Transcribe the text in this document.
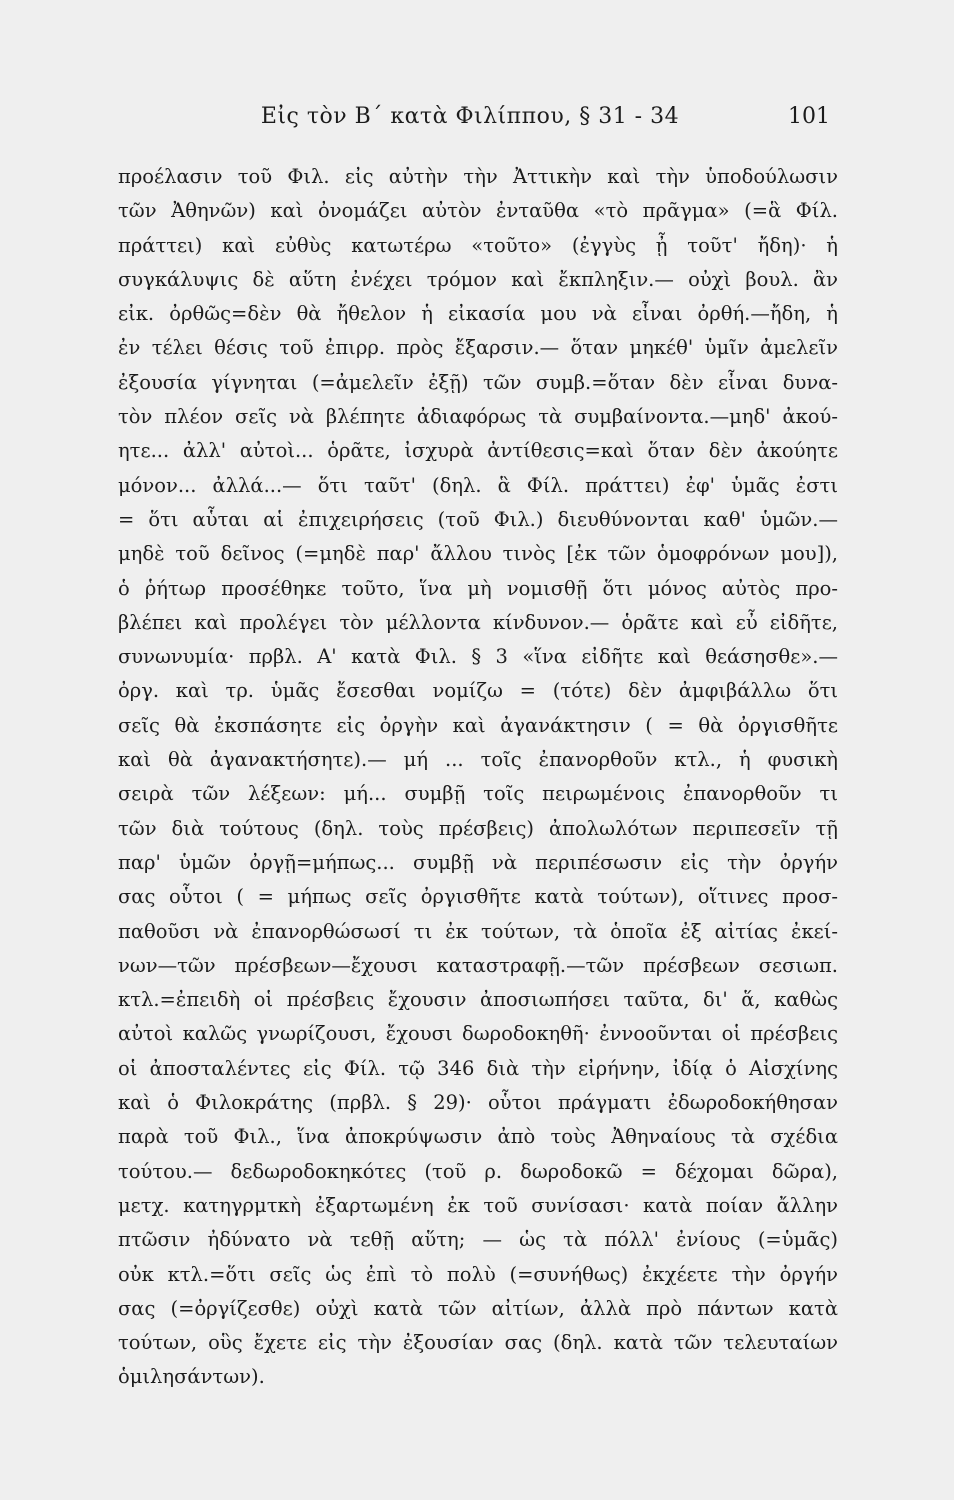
Εἰς τὸν Β΄ κατὰ Φιλίππου, § 31 - 34	101
προέλασιν τοῦ Φιλ. εἰς αὐτὴν τὴν Ἀττικὴν καὶ τὴν ὑποδούλωσιν
τῶν Ἀθηνῶν) καὶ ὀνομάζει αὐτὸν ἐνταῦθα «τὸ πρᾶγμα» (=ἃ Φίλ.
πράττει) καὶ εὐθὺς κατωτέρω «τοῦτο» (ἐγγὺς ᾖ τοῦτ' ἤδη)· ἡ
συγκάλυψις δὲ αὕτη ἐνέχει τρόμον καὶ ἔκπληξιν.— οὐχὶ βουλ. ἂν
εἰκ. ὀρθῶς=δὲν θὰ ἤθελον ἡ εἰκασία μου νὰ εἶναι ὀρθή.—ἤδη, ἡ
ἐν τέλει θέσις τοῦ ἐπιρρ. πρὸς ἔξαρσιν.— ὅταν μηκέθ' ὑμῖν ἀμελεῖν
ἐξουσία γίγνηται (=ἀμελεῖν ἐξῇ) τῶν συμβ.=ὅταν δὲν εἶναι δυνα-
τὸν πλέον σεῖς νὰ βλέπητε ἀδιαφόρως τὰ συμβαίνοντα.—μηδ' ἀκού-
ητε... ἀλλ' αὐτοὶ... ὁρᾶτε, ἰσχυρὰ ἀντίθεσις=καὶ ὅταν δὲν ἀκούητε
μόνον... ἀλλά...— ὅτι ταῦτ' (δηλ. ἃ Φίλ. πράττει) ἐφ' ὑμᾶς ἐστι
= ὅτι αὗται αἱ ἐπιχειρήσεις (τοῦ Φιλ.) διευθύνονται καθ' ὑμῶν.—
μηδὲ τοῦ δεῖνος (=μηδὲ παρ' ἄλλου τινὸς [ἐκ τῶν ὁμοφρόνων μου]),
ὁ ῥήτωρ προσέθηκε τοῦτο, ἵνα μὴ νομισθῇ ὅτι μόνος αὐτὸς προ-
βλέπει καὶ προλέγει τὸν μέλλοντα κίνδυνον.— ὁρᾶτε καὶ εὖ εἰδῆτε,
συνωνυμία· πρβλ. Α' κατὰ Φιλ. § 3 «ἵνα εἰδῆτε καὶ θεάσησθε».—
ὀργ. καὶ τρ. ὑμᾶς ἔσεσθαι νομίζω = (τότε) δὲν ἀμφιβάλλω ὅτι
σεῖς θὰ ἐκσπάσητε εἰς ὀργὴν καὶ ἀγανάκτησιν ( = θὰ ὀργισθῆτε
καὶ θὰ ἀγανακτήσητε).— μή ... τοῖς ἐπανορθοῦν κτλ., ἡ φυσικὴ
σειρὰ τῶν λέξεων: μή... συμβῇ τοῖς πειρωμένοις ἐπανορθοῦν τι
τῶν διὰ τούτους (δηλ. τοὺς πρέσβεις) ἀπολωλότων περιπεσεῖν τῇ
παρ' ὑμῶν ὀργῇ=μήπως... συμβῇ νὰ περιπέσωσιν εἰς τὴν ὀργήν
σας οὗτοι ( = μήπως σεῖς ὀργισθῆτε κατὰ τούτων), οἵτινες προσ-
παθοῦσι νὰ ἐπανορθώσωσί τι ἐκ τούτων, τὰ ὁποῖα ἐξ αἰτίας ἐκεί-
νων—τῶν πρέσβεων—ἔχουσι καταστραφῇ.—τῶν πρέσβεων σεσιωπ.
κτλ.=ἐπειδὴ οἱ πρέσβεις ἔχουσιν ἀποσιωπήσει ταῦτα, δι' ἅ, καθὼς
αὐτοὶ καλῶς γνωρίζουσι, ἔχουσι δωροδοκηθῆ· ἐννοοῦνται οἱ πρέσβεις
οἱ ἀποσταλέντες εἰς Φίλ. τῷ 346 διὰ τὴν εἰρήνην, ἰδίᾳ ὁ Αἰσχίνης
καὶ ὁ Φιλοκράτης (πρβλ. § 29)· οὗτοι πράγματι ἐδωροδοκήθησαν
παρὰ τοῦ Φιλ., ἵνα ἀποκρύψωσιν ἀπὸ τοὺς Ἀθηναίους τὰ σχέδια
τούτου.— δεδωροδοκηκότες (τοῦ ρ. δωροδοκῶ = δέχομαι δῶρα),
μετχ. κατηγρμτκὴ ἐξαρτωμένη ἐκ τοῦ συνίσασι· κατὰ ποίαν ἄλλην
πτῶσιν ἠδύνατο νὰ τεθῇ αὕτη; — ὡς τὰ πόλλ' ἐνίους (=ὑμᾶς)
οὐκ κτλ.=ὅτι σεῖς ὡς ἐπὶ τὸ πολὺ (=συνήθως) ἐκχέετε τὴν ὀργήν
σας (=ὀργίζεσθε) οὐχὶ κατὰ τῶν αἰτίων, ἀλλὰ πρὸ πάντων κατὰ
τούτων, οὓς ἔχετε εἰς τὴν ἐξουσίαν σας (δηλ. κατὰ τῶν τελευταίων
ὁμιλησάντων).
